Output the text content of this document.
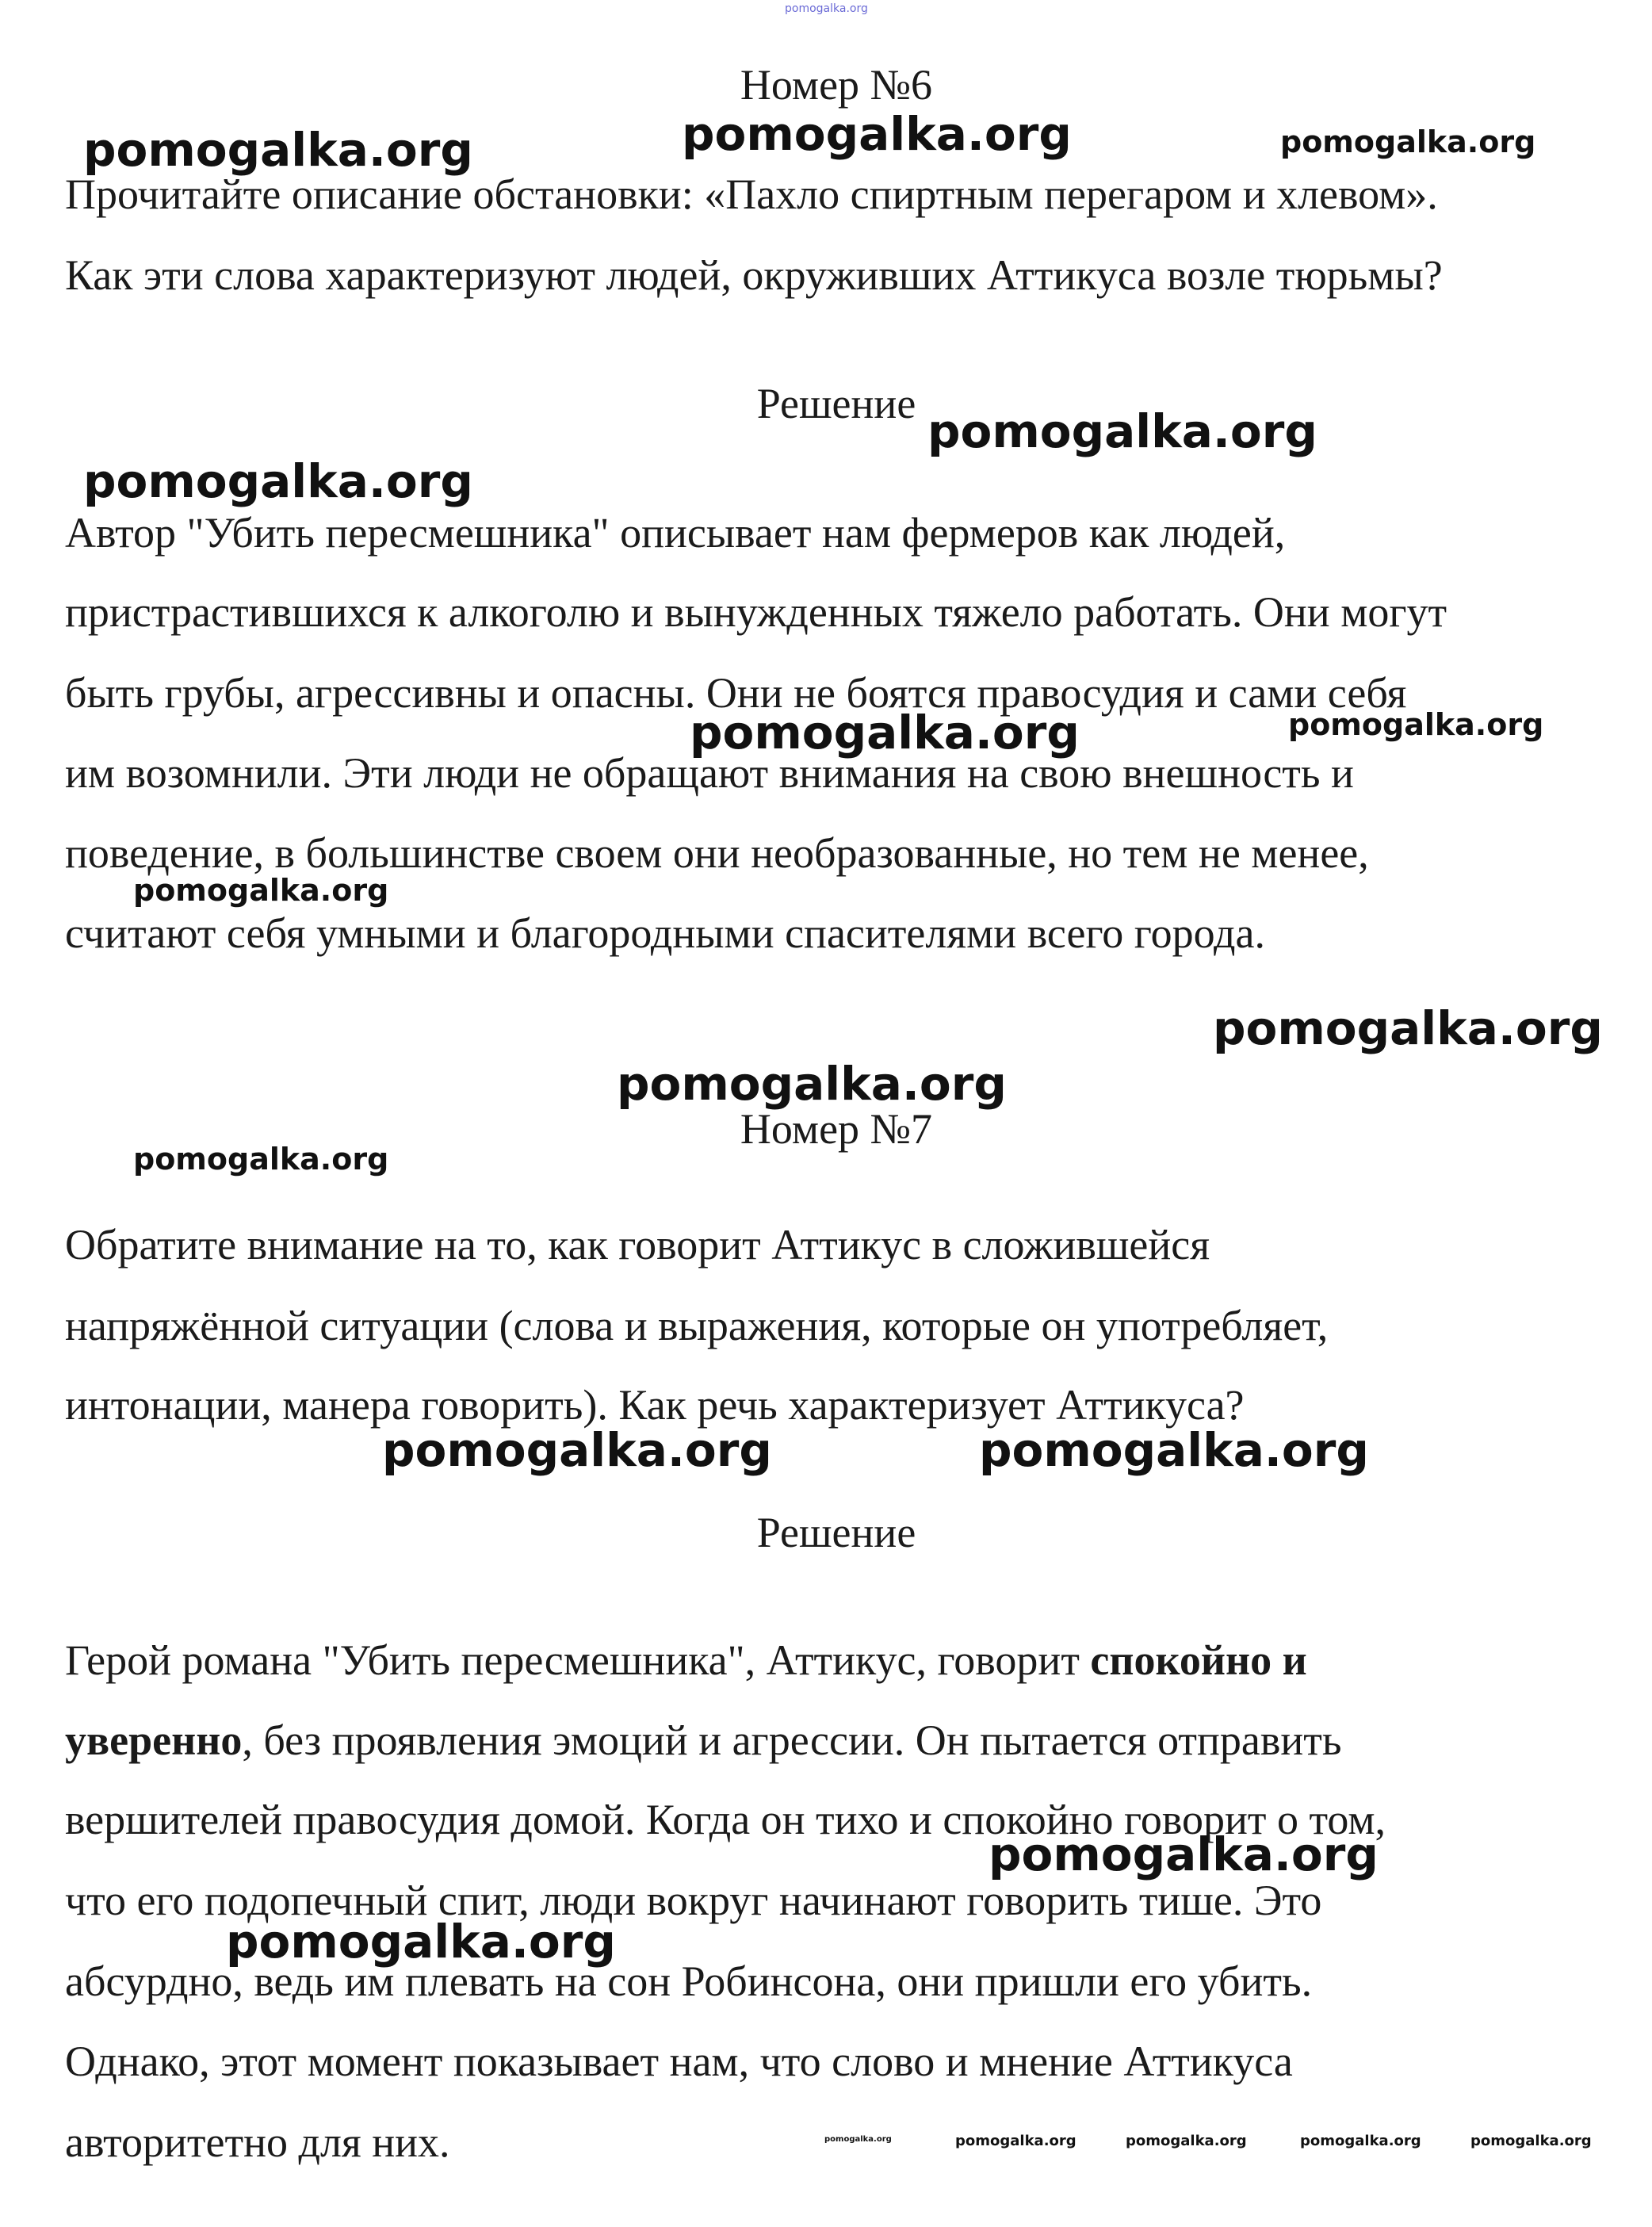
pomogalka.org
Номер №6
Прочитайте описание обстановки: «Пахло спиртным перегаром и хлевом».
Как эти слова характеризуют людей, окруживших Аттикуса возле тюрьмы?
Решение
Автор "Убить пересмешника" описывает нам фермеров как людей,
пристрастившихся к алкоголю и вынужденных тяжело работать. Они могут
быть грубы, агрессивны и опасны. Они не боятся правосудия и сами себя
им возомнили. Эти люди не обращают внимания на свою внешность и
поведение, в большинстве своем они необразованные, но тем не менее,
считают себя умными и благородными спасителями всего города.
Номер №7
Обратите внимание на то, как говорит Аттикус в сложившейся
напряжённой ситуации (слова и выражения, которые он употребляет,
интонации, манера говорить). Как речь характеризует Аттикуса?
Решение
Герой романа "Убить пересмешника", Аттикус, говорит спокойно и
уверенно, без проявления эмоций и агрессии. Он пытается отправить
вершителей правосудия домой. Когда он тихо и спокойно говорит о том,
что его подопечный спит, люди вокруг начинают говорить тише. Это
абсурдно, ведь им плевать на сон Робинсона, они пришли его убить.
Однако, этот момент показывает нам, что слово и мнение Аттикуса
авторитетно для них.
pomogalka.org	pomogalka.org	pomogalka.org
pomogalka.org
pomogalka.org
pomogalka.org	pomogalka.org
pomogalka.org
pomogalka.org
pomogalka.org
pomogalka.org
pomogalka.org	pomogalka.org
pomogalka.org
pomogalka.org
pomogalka.org	pomogalka.org	pomogalka.org	pomogalka.org	pomogalka.org
